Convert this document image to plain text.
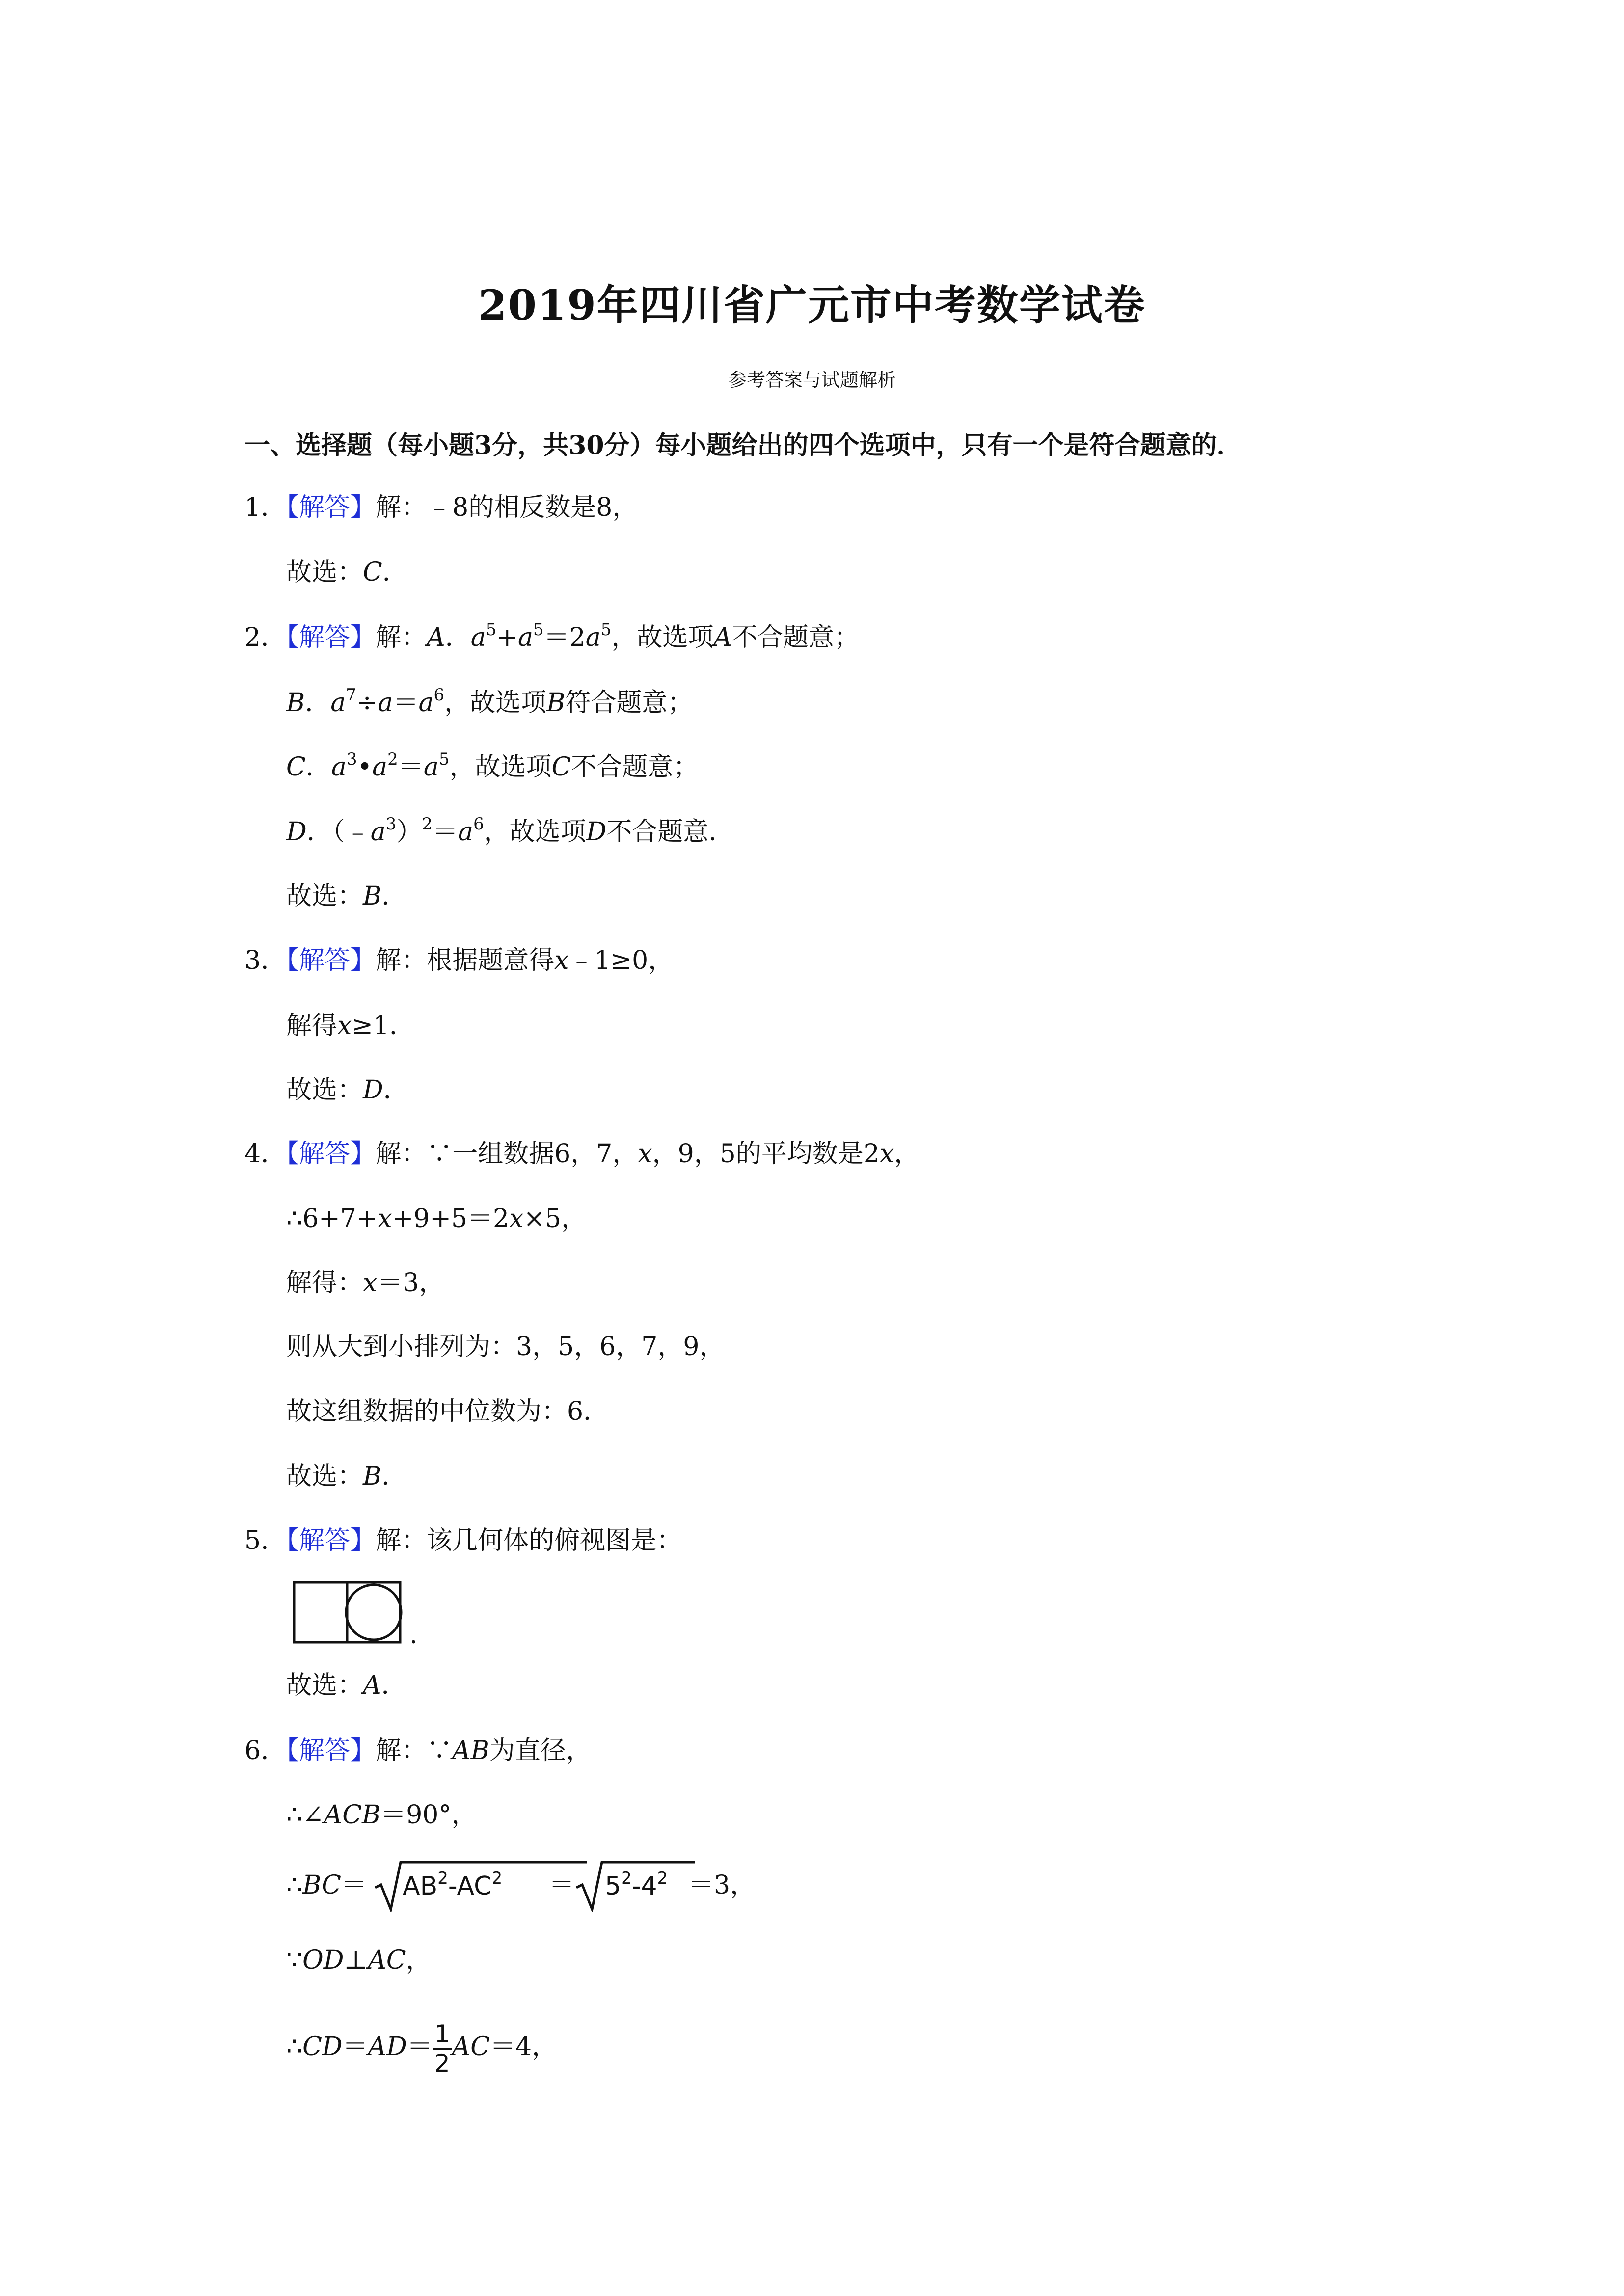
2019年四川省广元市中考数学试卷
参考答案与试题解析
一、选择题（每小题3分，共30分）每小题给出的四个选项中，只有一个是符合题意的．
1．【解答】解：﹣8的相反数是8，
故选：C．
2．【解答】解：A．$a^5+a^5=2a^5$，故选项A不合题意；
B．$a^7\div a=a^6$，故选项B符合题意；
C．$a^3•a^2=a^5$，故选项C不合题意；
D．$(﹣a^3)^2=a^6$，故选项D不合题意．
故选：B．
3．【解答】解：根据题意得x﹣1≥0，
解得x≥1．
故选：D．
4．【解答】解：∵一组数据6，7，x，9，5的平均数是2x，
∴6+7+x+9+5＝2x×5，
解得：x＝3，
则从大到小排列为：3，5，6，7，9，
故这组数据的中位数为：6．
故选：B．
5．【解答】解：该几何体的俯视图是：
.
故选：A．
6．【解答】解：∵AB为直径，
∴∠ACB＝90°，
∴BC＝ $AB^2-AC^2 = 5^2-4^2 =3$，
∵OD⊥AC，
∴CD＝AD＝ $\frac{1}{2} AC=4$，
